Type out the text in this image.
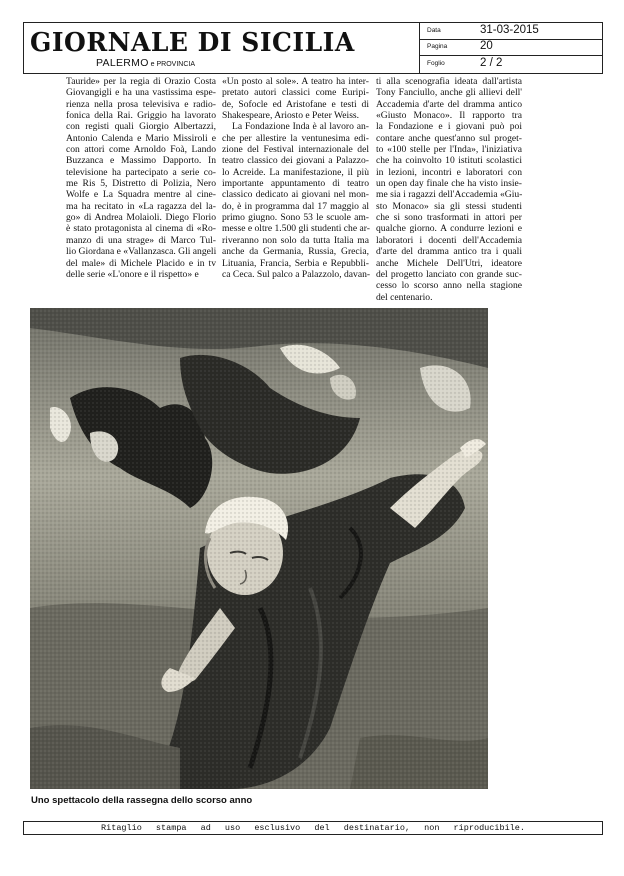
GIORNALE DI SICILIA
PALERMO e PROVINCIA
Data	31-03-2015
Pagina	20
Foglio	2 / 2
Tauride» per la regia di Orazio Costa
Giovangigli e ha una vastissima espe-
rienza nella prosa televisiva e radio-
fonica della Rai. Griggio ha lavorato
con registi quali Giorgio Albertazzi,
Antonio Calenda e Mario Missiroli e
con attori come Arnoldo Foà, Lando
Buzzanca e Massimo Dapporto. In
televisione ha partecipato a serie co-
me Ris 5, Distretto di Polizia, Nero
Wolfe e La Squadra mentre al cine-
ma ha recitato in «La ragazza del la-
go» di Andrea Molaioli. Diego Florio
è stato protagonista al cinema di «Ro-
manzo di una strage» di Marco Tul-
lio Giordana e «Vallanzasca. Gli angeli
del male» di Michele Placido e in tv
delle serie «L'onore e il rispetto» e
«Un posto al sole». A teatro ha inter-
pretato autori classici come Euripi-
de, Sofocle ed Aristofane e testi di
Shakespeare, Ariosto e Peter Weiss.
La Fondazione Inda è al lavoro an-
che per allestire la ventunesima edi-
zione del Festival internazionale del
teatro classico dei giovani a Palazzo-
lo Acreide. La manifestazione, il più
importante appuntamento di teatro
classico dedicato ai giovani nel mon-
do, è in programma dal 17 maggio al
primo giugno. Sono 53 le scuole am-
messe e oltre 1.500 gli studenti che ar-
riveranno non solo da tutta Italia ma
anche da Germania, Russia, Grecia,
Lituania, Francia, Serbia e Repubbli-
ca Ceca. Sul palco a Palazzolo, davan-
ti alla scenografia ideata dall'artista
Tony Fanciullo, anche gli allievi dell'
Accademia d'arte del dramma antico
«Giusto Monaco». Il rapporto tra
la Fondazione e i giovani può poi
contare anche quest'anno sul proget-
to «100 stelle per l'Inda», l'iniziativa
che ha coinvolto 10 istituti scolastici
in lezioni, incontri e laboratori con
un open day finale che ha visto insie-
me sia i ragazzi dell'Accademia «Giu-
sto Monaco» sia gli stessi studenti
che si sono trasformati in attori per
qualche giorno. A condurre lezioni e
laboratori i docenti dell'Accademia
d'arte del dramma antico tra i quali
anche Michele Dell'Utri, ideatore
del progetto lanciato con grande suc-
cesso lo scorso anno nella stagione
del centenario.
Uno spettacolo della rassegna dello scorso anno
Ritaglio stampa ad uso esclusivo del destinatario, non riproducibile.
